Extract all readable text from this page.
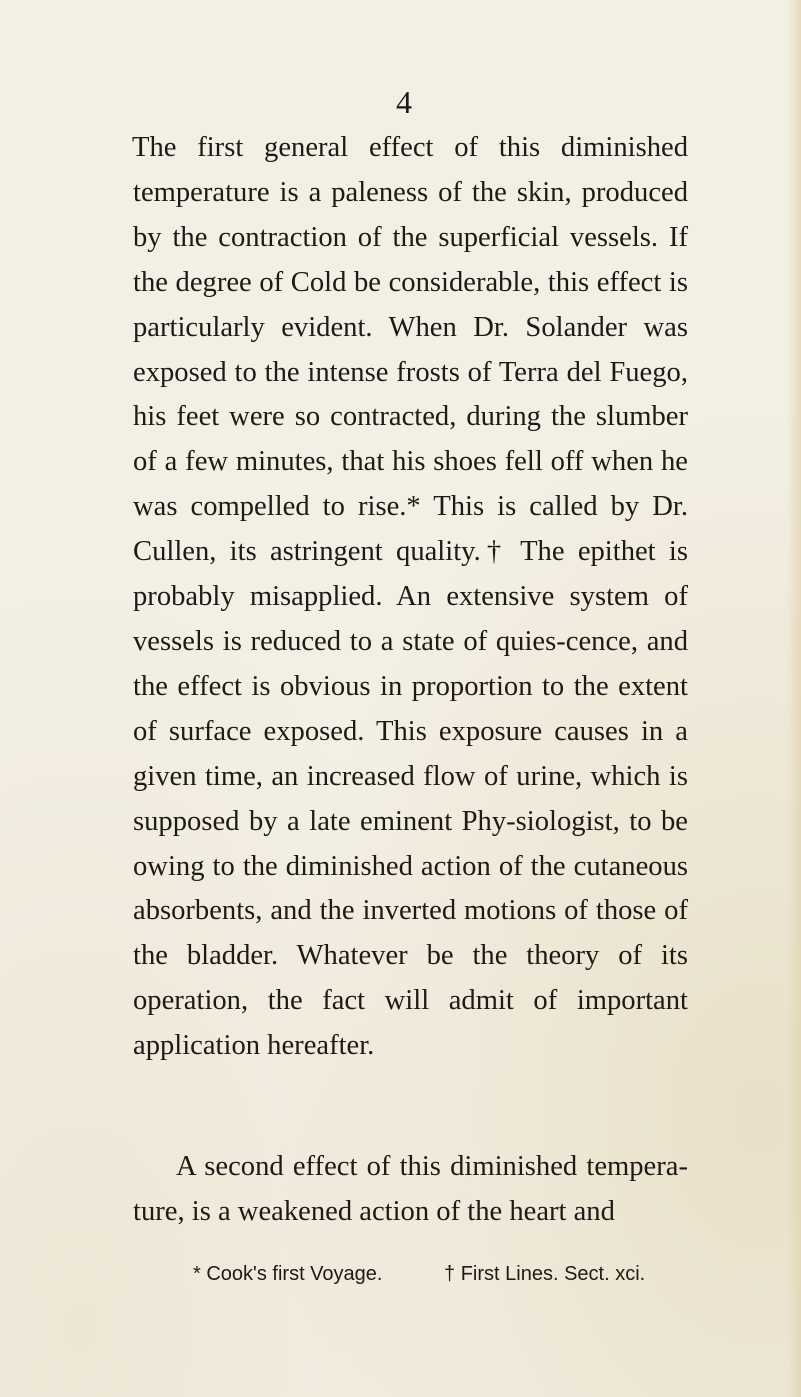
4

The first general effect of this diminished temperature is a paleness of the skin, produced by the contraction of the superficial vessels. If the degree of Cold be considerable, this effect is particularly evident. When Dr. Solander was exposed to the intense frosts of Terra del Fuego, his feet were so contracted, during the slumber of a few minutes, that his shoes fell off when he was compelled to rise.* This is called by Dr. Cullen, its astringent quality.† The epithet is probably misapplied. An extensive system of vessels is reduced to a state of quies-cence, and the effect is obvious in proportion to the extent of surface exposed. This exposure causes in a given time, an increased flow of urine, which is supposed by a late eminent Phy-siologist, to be owing to the diminished action of the cutaneous absorbents, and the inverted motions of those of the bladder. Whatever be the theory of its operation, the fact will admit of important application hereafter.

A second effect of this diminished tempera-ture, is a weakened action of the heart and

* Cook's first Voyage.	† First Lines. Sect. xci.
